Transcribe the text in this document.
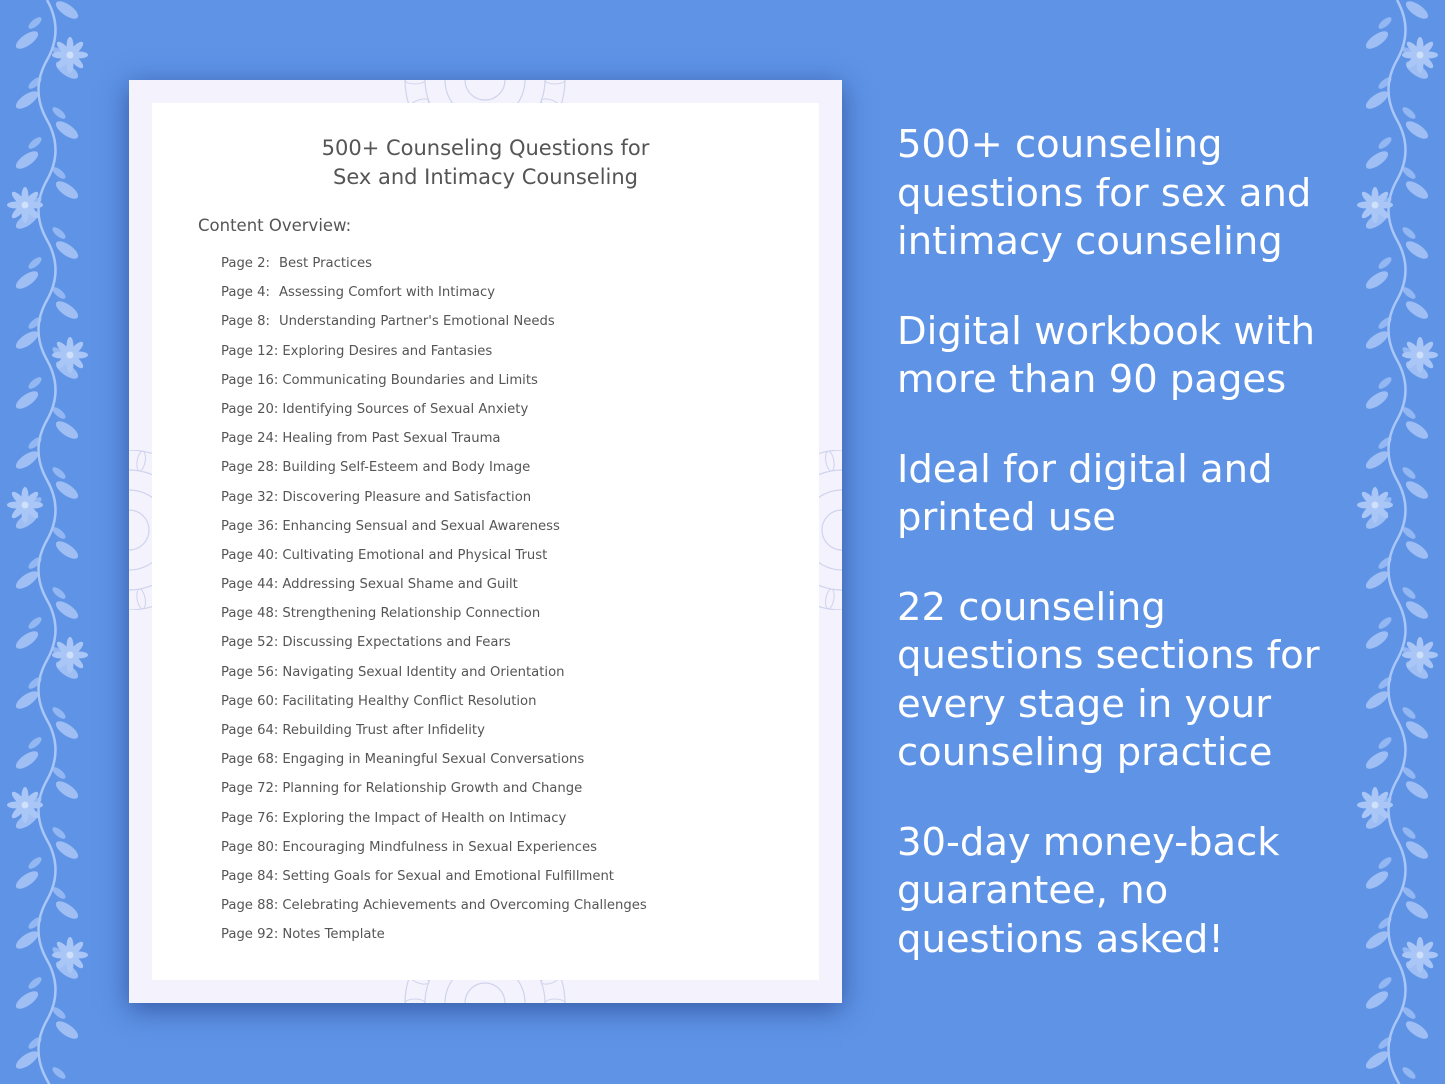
500+ Counseling Questions for
Sex and Intimacy Counseling
Content Overview:
Page 2: Best Practices
Page 4: Assessing Comfort with Intimacy
Page 8: Understanding Partner's Emotional Needs
Page 12: Exploring Desires and Fantasies
Page 16: Communicating Boundaries and Limits
Page 20: Identifying Sources of Sexual Anxiety
Page 24: Healing from Past Sexual Trauma
Page 28: Building Self-Esteem and Body Image
Page 32: Discovering Pleasure and Satisfaction
Page 36: Enhancing Sensual and Sexual Awareness
Page 40: Cultivating Emotional and Physical Trust
Page 44: Addressing Sexual Shame and Guilt
Page 48: Strengthening Relationship Connection
Page 52: Discussing Expectations and Fears
Page 56: Navigating Sexual Identity and Orientation
Page 60: Facilitating Healthy Conflict Resolution
Page 64: Rebuilding Trust after Infidelity
Page 68: Engaging in Meaningful Sexual Conversations
Page 72: Planning for Relationship Growth and Change
Page 76: Exploring the Impact of Health on Intimacy
Page 80: Encouraging Mindfulness in Sexual Experiences
Page 84: Setting Goals for Sexual and Emotional Fulfillment
Page 88: Celebrating Achievements and Overcoming Challenges
Page 92: Notes Template

500+ counseling
questions for sex and
intimacy counseling

Digital workbook with
more than 90 pages

Ideal for digital and
printed use

22 counseling
questions sections for
every stage in your
counseling practice

30-day money-back
guarantee, no
questions asked!
